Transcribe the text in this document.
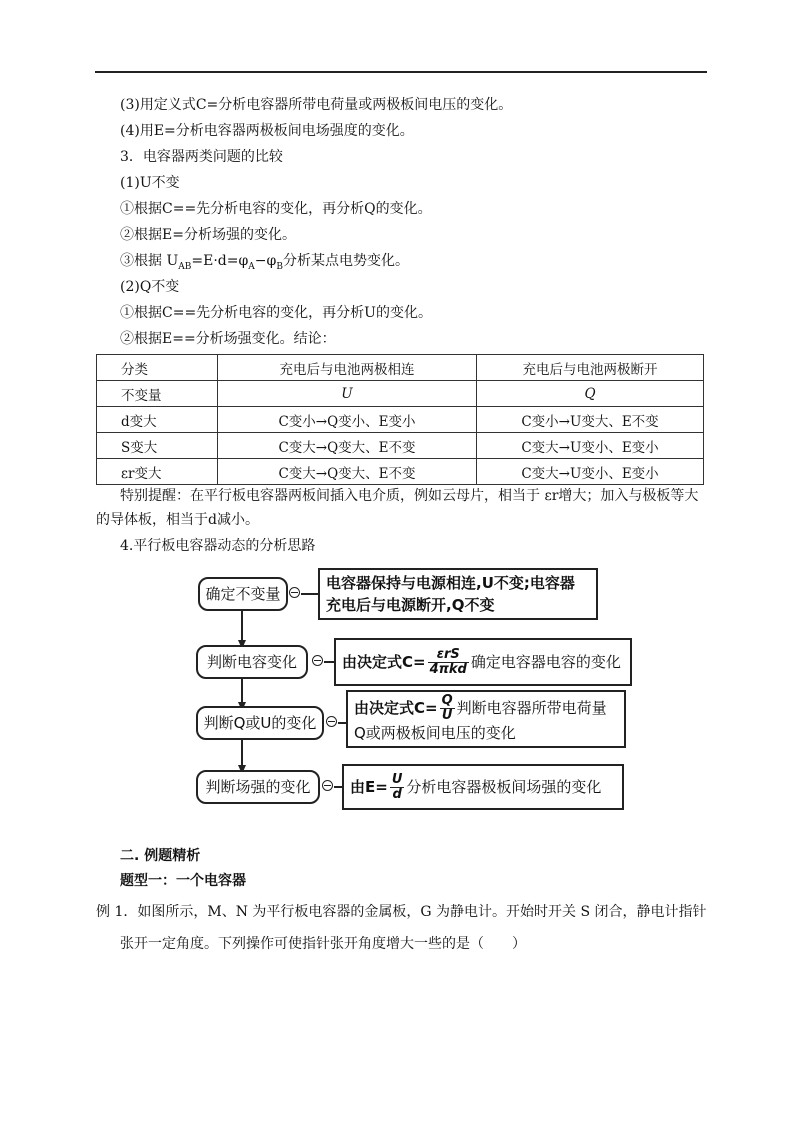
(3)用定义式C=分析电容器所带电荷量或两极板间电压的变化。
(4)用E=分析电容器两极板间电场强度的变化。
3．电容器两类问题的比较
(1)U不变
①根据C==先分析电容的变化，再分析Q的变化。
②根据E=分析场强的变化。
③根据 $U_{AB}=E\cdot d=\varphi_A-\varphi_B$分析某点电势变化。
(2)Q不变
①根据C==先分析电容的变化，再分析U的变化。
②根据E==分析场强变化。结论：
分类	充电后与电池两极相连	充电后与电池两极断开
不变量	U	Q
d变大	C变小→Q变小、E变小	C变小→U变大、E不变
S变大	C变大→Q变大、E不变	C变大→U变小、E变小
εr变大	C变大→Q变大、E不变	C变大→U变小、E变小
特别提醒：在平行板电容器两板间插入电介质，例如云母片，相当于 εr增大；加入与极板等大
的导体板，相当于d减小。
4.平行板电容器动态的分析思路
确定不变量
电容器保持与电源相连,U不变;电容器
充电后与电源断开,Q不变
判断电容变化	由决定式$C= \frac{\text{εrS}}{\text{4πkd}}$ 确定电容器电容的变化
判断Q或U的变化
由决定式$C= \frac{Q}{U}$ 判断电容器所带电荷量
Q或两极板间电压的变化
判断场强的变化	由$E= \frac{U}{d}$ 分析电容器极板间场强的变化
二. 例题精析
题型一：一个电容器
例 1．如图所示，M、N 为平行板电容器的金属板，G 为静电计。开始时开关 S 闭合，静电计指针
张开一定角度。下列操作可使指针张开角度增大一些的是（　　）
